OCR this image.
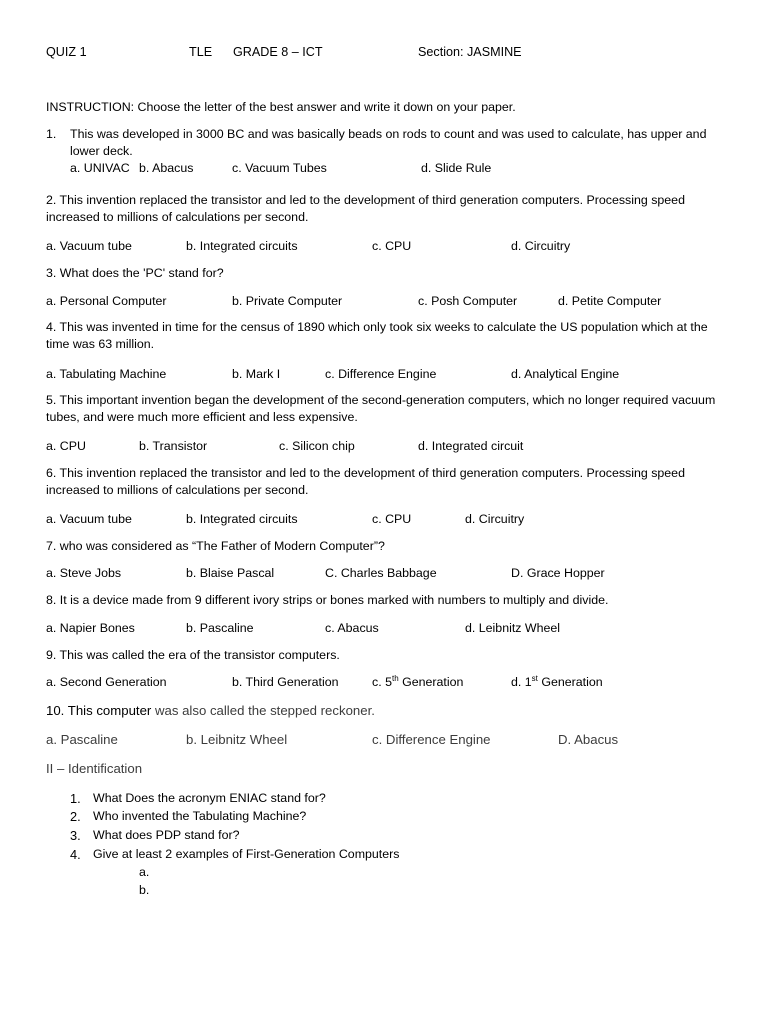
QUIZ 1	TLE GRADE 8 – ICT	Section: JASMINE
INSTRUCTION: Choose the letter of the best answer and write it down on your paper.
1. This was developed in 3000 BC and was basically beads on rods to count and was used to calculate, has upper and lower deck.
a. UNIVAC b. Abacus	c. Vacuum Tubes	d. Slide Rule
2. This invention replaced the transistor and led to the development of third generation computers. Processing speed increased to millions of calculations per second.
a. Vacuum tube	b. Integrated circuits	c. CPU	d. Circuitry
3. What does the 'PC' stand for?
a. Personal Computer	b. Private Computer	c. Posh Computer	d. Petite Computer
4. This was invented in time for the census of 1890 which only took six weeks to calculate the US population which at the time was 63 million.
a. Tabulating Machine	b. Mark I	c. Difference Engine	d. Analytical Engine
5. This important invention began the development of the second-generation computers, which no longer required vacuum tubes, and were much more efficient and less expensive.
a. CPU	b. Transistor	c. Silicon chip	d. Integrated circuit
6. This invention replaced the transistor and led to the development of third generation computers. Processing speed increased to millions of calculations per second.
a. Vacuum tube	b. Integrated circuits	c. CPU	d. Circuitry
7. who was considered as “The Father of Modern Computer”?
a. Steve Jobs	b. Blaise Pascal	C. Charles Babbage	D. Grace Hopper
8. It is a device made from 9 different ivory strips or bones marked with numbers to multiply and divide.
a. Napier Bones	b. Pascaline	c. Abacus	d. Leibnitz Wheel
9. This was called the era of the transistor computers.
a. Second Generation	b. Third Generation	c. 5th Generation	d. 1st Generation
10. This computer was also called the stepped reckoner.
a. Pascaline	b. Leibnitz Wheel	c. Difference Engine	D. Abacus
II – Identification
1. What Does the acronym ENIAC stand for?
2. Who invented the Tabulating Machine?
3. What does PDP stand for?
4. Give at least 2 examples of First-Generation Computers
a.
b.
